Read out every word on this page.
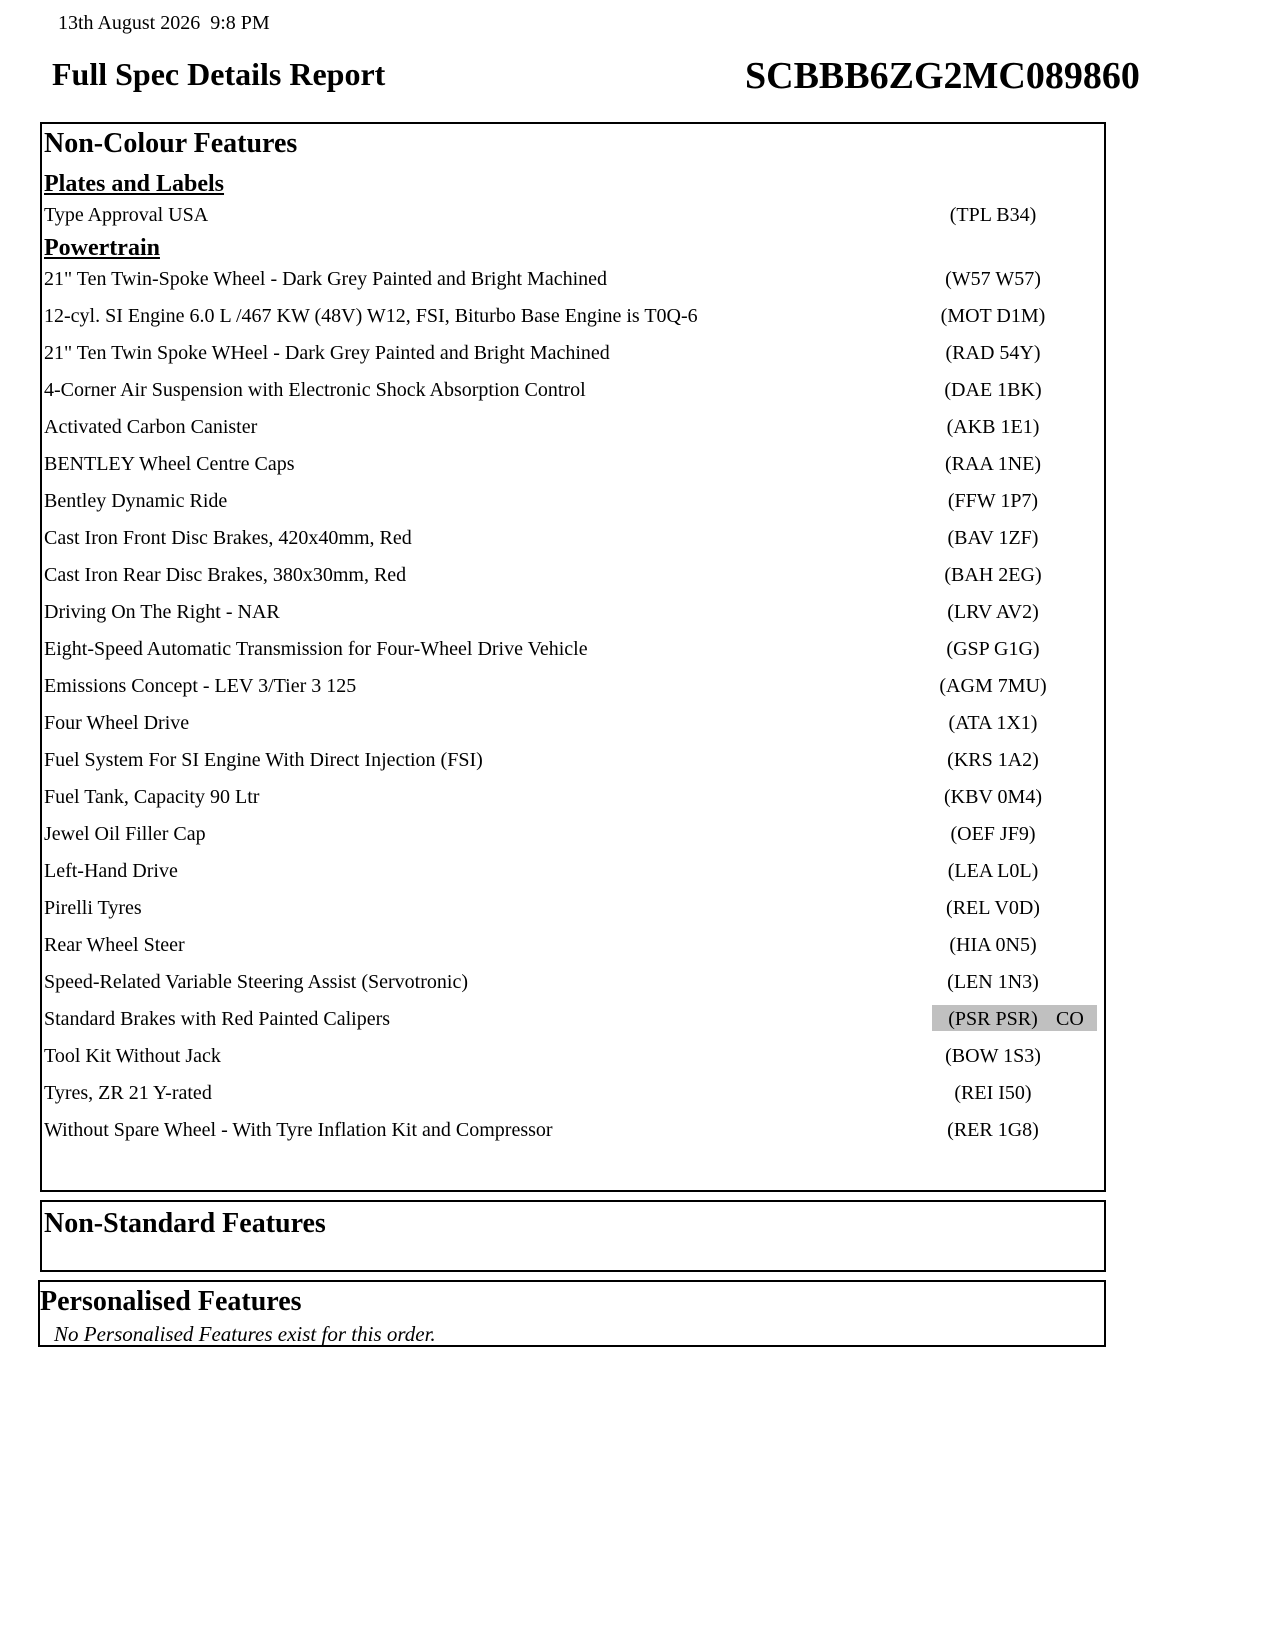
13th August 2026  9:8 PM
Full Spec Details Report	SCBBB6ZG2MC089860
Non-Colour Features
Plates and Labels
Type Approval USA	(TPL B34)
Powertrain
21" Ten Twin-Spoke Wheel - Dark Grey Painted and Bright Machined	(W57 W57)
12-cyl. SI Engine 6.0 L /467 KW (48V) W12, FSI, Biturbo Base Engine is T0Q-6	(MOT D1M)
21" Ten Twin Spoke WHeel - Dark Grey Painted and Bright Machined	(RAD 54Y)
4-Corner Air Suspension with Electronic Shock Absorption Control	(DAE 1BK)
Activated Carbon Canister	(AKB 1E1)
BENTLEY Wheel Centre Caps	(RAA 1NE)
Bentley Dynamic Ride	(FFW 1P7)
Cast Iron Front Disc Brakes, 420x40mm, Red	(BAV 1ZF)
Cast Iron Rear Disc Brakes, 380x30mm, Red	(BAH 2EG)
Driving On The Right - NAR	(LRV AV2)
Eight-Speed Automatic Transmission for Four-Wheel Drive Vehicle	(GSP G1G)
Emissions Concept - LEV 3/Tier 3 125	(AGM 7MU)
Four Wheel Drive	(ATA 1X1)
Fuel System For SI Engine With Direct Injection (FSI)	(KRS 1A2)
Fuel Tank, Capacity 90 Ltr	(KBV 0M4)
Jewel Oil Filler Cap	(OEF JF9)
Left-Hand Drive	(LEA L0L)
Pirelli Tyres	(REL V0D)
Rear Wheel Steer	(HIA 0N5)
Speed-Related Variable Steering Assist (Servotronic)	(LEN 1N3)
Standard Brakes with Red Painted Calipers	(PSR PSR) CO
Tool Kit Without Jack	(BOW 1S3)
Tyres, ZR 21 Y-rated	(REI I50)
Without Spare Wheel - With Tyre Inflation Kit and Compressor	(RER 1G8)
Non-Standard Features
Personalised Features
No Personalised Features exist for this order.
